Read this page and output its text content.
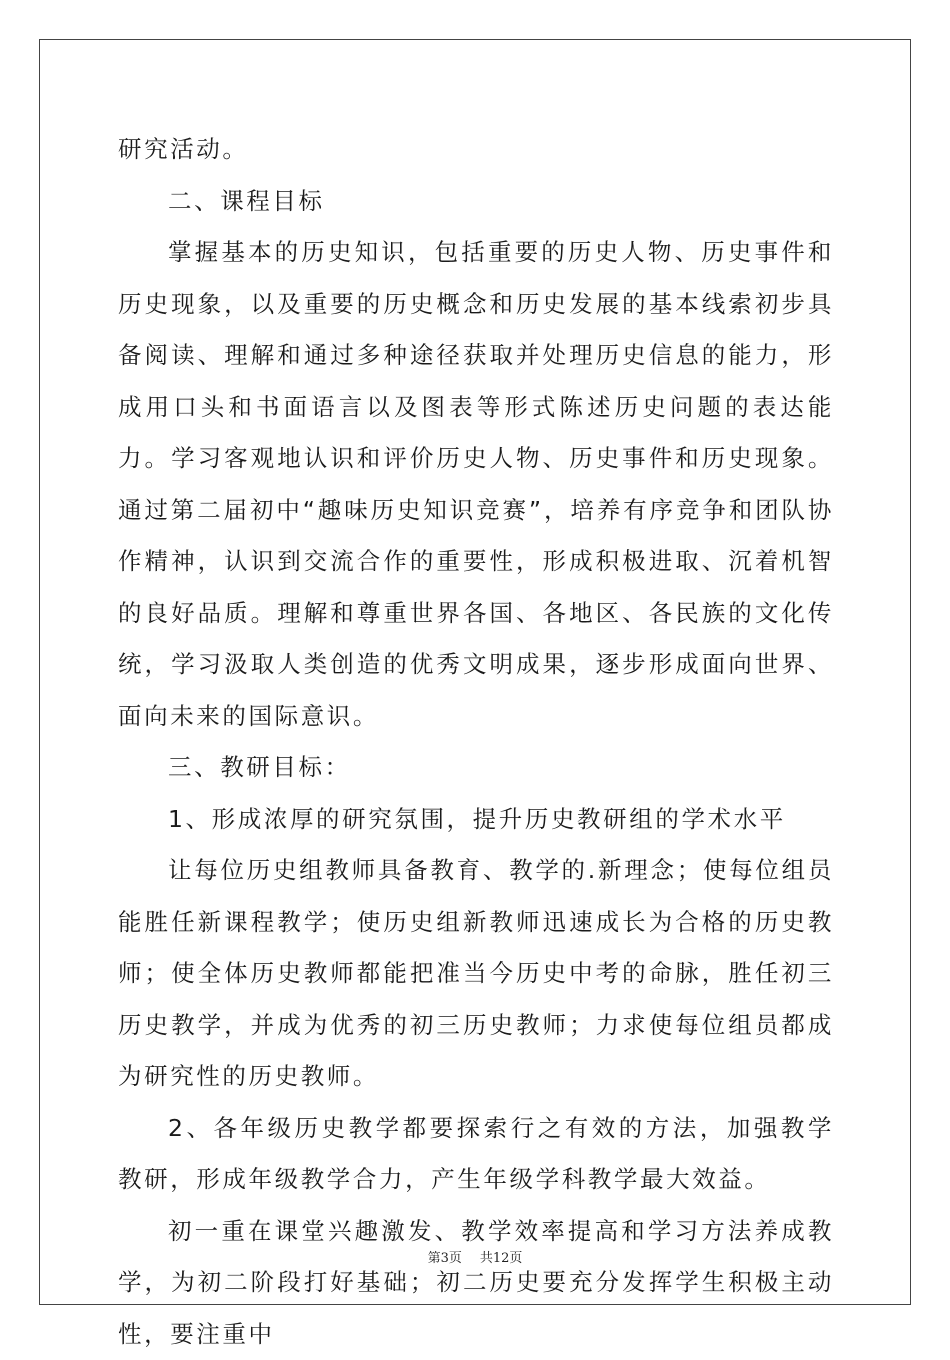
研究活动。

二、课程目标

掌握基本的历史知识，包括重要的历史人物、历史事件和历史现象，以及重要的历史概念和历史发展的基本线索初步具备阅读、理解和通过多种途径获取并处理历史信息的能力，形成用口头和书面语言以及图表等形式陈述历史问题的表达能力。学习客观地认识和评价历史人物、历史事件和历史现象。通过第二届初中“趣味历史知识竞赛”，培养有序竞争和团队协作精神，认识到交流合作的重要性，形成积极进取、沉着机智的良好品质。理解和尊重世界各国、各地区、各民族的文化传统，学习汲取人类创造的优秀文明成果，逐步形成面向世界、面向未来的国际意识。

三、教研目标：

1、形成浓厚的研究氛围，提升历史教研组的学术水平

让每位历史组教师具备教育、教学的.新理念；使每位组员能胜任新课程教学；使历史组新教师迅速成长为合格的历史教师；使全体历史教师都能把准当今历史中考的命脉，胜任初三历史教学，并成为优秀的初三历史教师；力求使每位组员都成为研究性的历史教师。

2、各年级历史教学都要探索行之有效的方法，加强教学教研，形成年级教学合力，产生年级学科教学最大效益。

初一重在课堂兴趣激发、教学效率提高和学习方法养成教学，为初二阶段打好基础；初二历史要充分发挥学生积极主动性，要注重中

第3页 共12页
